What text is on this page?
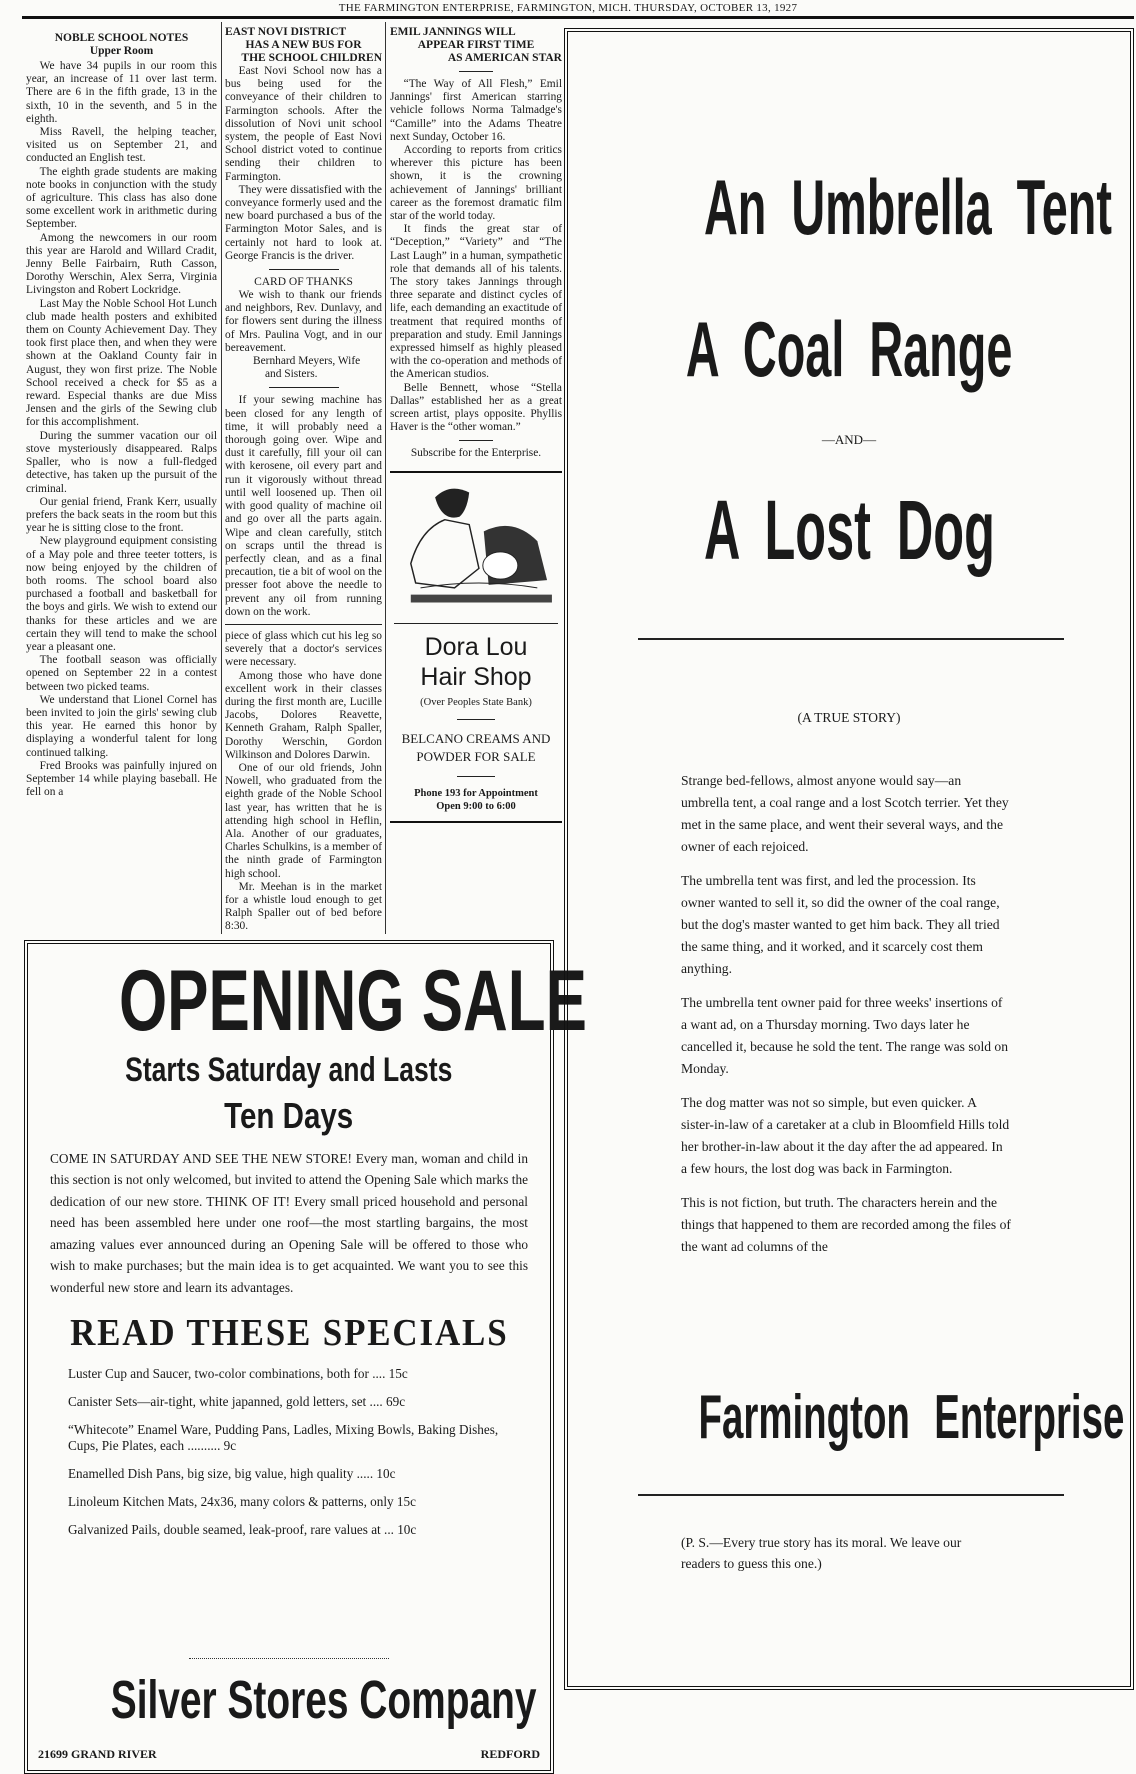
THE FARMINGTON ENTERPRISE, FARMINGTON, MICH. THURSDAY, OCTOBER 13, 1927
NOBLE SCHOOL NOTES
Upper Room

We have 34 pupils in our room this year, an increase of 11 over last term. There are 6 in the fifth grade, 13 in the sixth, 10 in the seventh, and 5 in the eighth.

Miss Ravell, the helping teacher, visited us on September 21, and conducted an English test.

The eighth grade students are making note books in conjunction with the study of agriculture. This class has also done some excellent work in arithmetic during September.

Among the newcomers in our room this year are Harold and Willard Cradit, Jenny Belle Fairbairn, Ruth Casson, Dorothy Werschin, Alex Serra, Virginia Livingston and Robert Lockridge.

Last May the Noble School Hot Lunch club made health posters and exhibited them on County Achievement Day. They took first place then, and when they were shown at the Oakland County fair in August, they won first prize. The Noble School received a check for $5 as a reward. Especial thanks are due Miss Jensen and the girls of the Sewing club for this accomplishment.

During the summer vacation our oil stove mysteriously disappeared. Ralps Spaller, who is now a full-fledged detective, has taken up the pursuit of the criminal.

Our genial friend, Frank Kerr, usually prefers the back seats in the room but this year he is sitting close to the front.

New playground equipment consisting of a May pole and three teeter totters, is now being enjoyed by the children of both rooms. The school board also purchased a football and basketball for the boys and girls. We wish to extend our thanks for these articles and we are certain they will tend to make the school year a pleasant one.

The football season was officially opened on September 22 in a contest between two picked teams.

We understand that Lionel Cornel has been invited to join the girls' sewing club this year. He earned this honor by displaying a wonderful talent for long continued talking.

Fred Brooks was painfully injured on September 14 while playing baseball. He fell on a

EAST NOVI DISTRICT
HAS A NEW BUS FOR
THE SCHOOL CHILDREN

East Novi School now has a bus being used for the conveyance of their children to Farmington schools. After the dissolution of Novi unit school system, the people of East Novi School district voted to continue sending their children to Farmington.

They were dissatisfied with the conveyance formerly used and the new board purchased a bus of the Farmington Motor Sales, and is certainly not hard to look at. George Francis is the driver.

CARD OF THANKS

We wish to thank our friends and neighbors, Rev. Dunlavy, and for flowers sent during the illness of Mrs. Paulina Vogt, and in our bereavement.

Bernhard Meyers, Wife
and Sisters.

If your sewing machine has been closed for any length of time, it will probably need a thorough going over. Wipe and dust it carefully, fill your oil can with kerosene, oil every part and run it vigorously without thread until well loosened up. Then oil with good quality of machine oil and go over all the parts again. Wipe and clean carefully, stitch on scraps until the thread is perfectly clean, and as a final precaution, tie a bit of wool on the presser foot above the needle to prevent any oil from running down on the work.

piece of glass which cut his leg so severely that a doctor's services were necessary.

Among those who have done excellent work in their classes during the first month are, Lucille Jacobs, Dolores Reavette, Kenneth Graham, Ralph Spaller, Dorothy Werschin, Gordon Wilkinson and Dolores Darwin.

One of our old friends, John Nowell, who graduated from the eighth grade of the Noble School last year, has written that he is attending high school in Heflin, Ala. Another of our graduates, Charles Schulkins, is a member of the ninth grade of Farmington high school.

Mr. Meehan is in the market for a whistle loud enough to get Ralph Spaller out of bed before 8:30.

EMIL JANNINGS WILL
APPEAR FIRST TIME
AS AMERICAN STAR

“The Way of All Flesh,” Emil Jannings' first American starring vehicle follows Norma Talmadge's “Camille” into the Adams Theatre next Sunday, October 16.

According to reports from critics wherever this picture has been shown, it is the crowning achievement of Jannings' brilliant career as the foremost dramatic film star of the world today.

It finds the great star of “Deception,” “Variety” and “The Last Laugh” in a human, sympathetic role that demands all of his talents. The story takes Jannings through three separate and distinct cycles of life, each demanding an exactitude of treatment that required months of preparation and study. Emil Jannings expressed himself as highly pleased with the co-operation and methods of the American studios.

Belle Bennett, whose “Stella Dallas” established her as a great screen artist, plays opposite. Phyllis Haver is the “other woman.”

Subscribe for the Enterprise.
Dora Lou
Hair Shop
(Over Peoples State Bank)
BELCANO CREAMS AND
POWDER FOR SALE
Phone 193 for Appointment
Open 9:00 to 6:00
OPENING SALE
Starts Saturday and Lasts
Ten Days
COME IN SATURDAY AND SEE THE NEW STORE! Every man, woman and child in this section is not only welcomed, but invited to attend the Opening Sale which marks the dedication of our new store. THINK OF IT! Every small priced household and personal need has been assembled here under one roof—the most startling bargains, the most amazing values ever announced during an Opening Sale will be offered to those who wish to make purchases; but the main idea is to get acquainted. We want you to see this wonderful new store and learn its advantages.
READ THESE SPECIALS
Luster Cup and Saucer, two-color combinations, both for .... 15c
Canister Sets—air-tight, white japanned, gold letters, set .... 69c
“Whitecote” Enamel Ware, Pudding Pans, Ladles, Mixing Bowls, Baking Dishes, Cups, Pie Plates, each .......... 9c
Enamelled Dish Pans, big size, big value, high quality ..... 10c
Linoleum Kitchen Mats, 24x36, many colors & patterns, only 15c
Galvanized Pails, double seamed, leak-proof, rare values at ... 10c
Silver Stores Company
21699 GRAND RIVER	REDFORD
An Umbrella Tent
A Coal Range
—AND—
A Lost Dog
(A TRUE STORY)

Strange bed-fellows, almost anyone would say—an umbrella tent, a coal range and a lost Scotch terrier. Yet they met in the same place, and went their several ways, and the owner of each rejoiced.

The umbrella tent was first, and led the procession. Its owner wanted to sell it, so did the owner of the coal range, but the dog's master wanted to get him back. They all tried the same thing, and it worked, and it scarcely cost them anything.

The umbrella tent owner paid for three weeks' insertions of a want ad, on a Thursday morning. Two days later he cancelled it, because he sold the tent. The range was sold on Monday.

The dog matter was not so simple, but even quicker. A sister-in-law of a caretaker at a club in Bloomfield Hills told her brother-in-law about it the day after the ad appeared. In a few hours, the lost dog was back in Farmington.

This is not fiction, but truth. The characters herein and the things that happened to them are recorded among the files of the want ad columns of the

Farmington Enterprise
(P. S.—Every true story has its moral. We leave our readers to guess this one.)
